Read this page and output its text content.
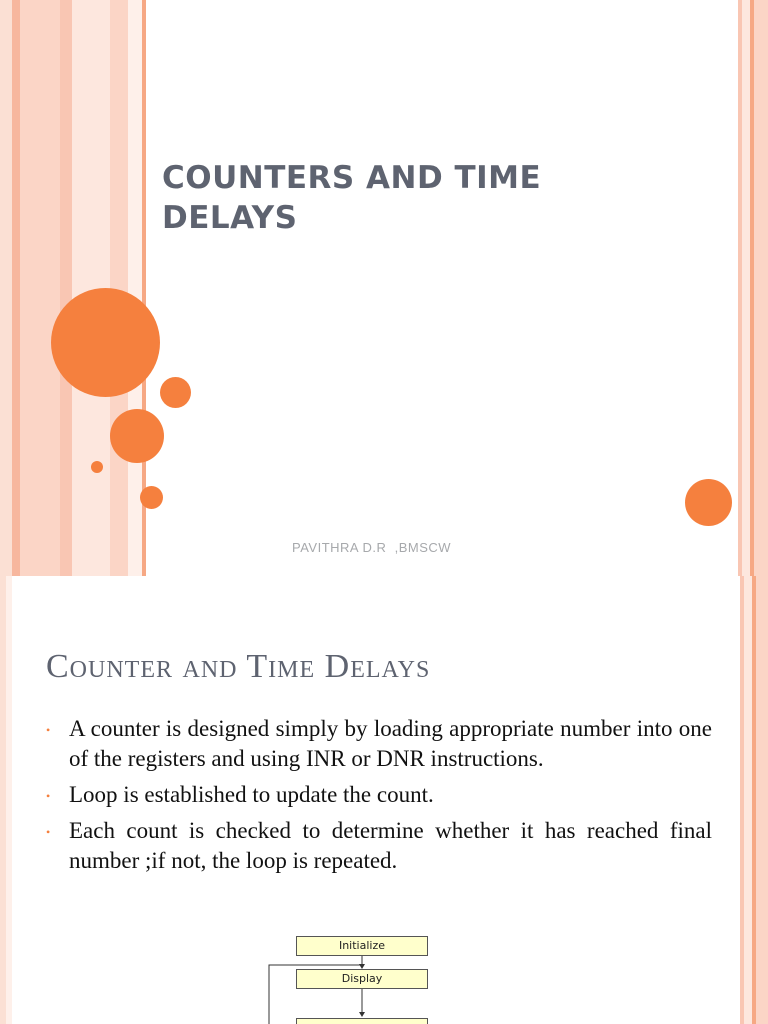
COUNTERS AND TIME DELAYS
PAVITHRA D.R  ,BMSCW
Counter and Time Delays
• A counter is designed simply by loading appropriate number into one of the registers and using INR or DNR instructions.
• Loop is established to update the count.
• Each count is checked to determine whether it has reached final number ;if not, the loop is repeated.
Initialize
Display
